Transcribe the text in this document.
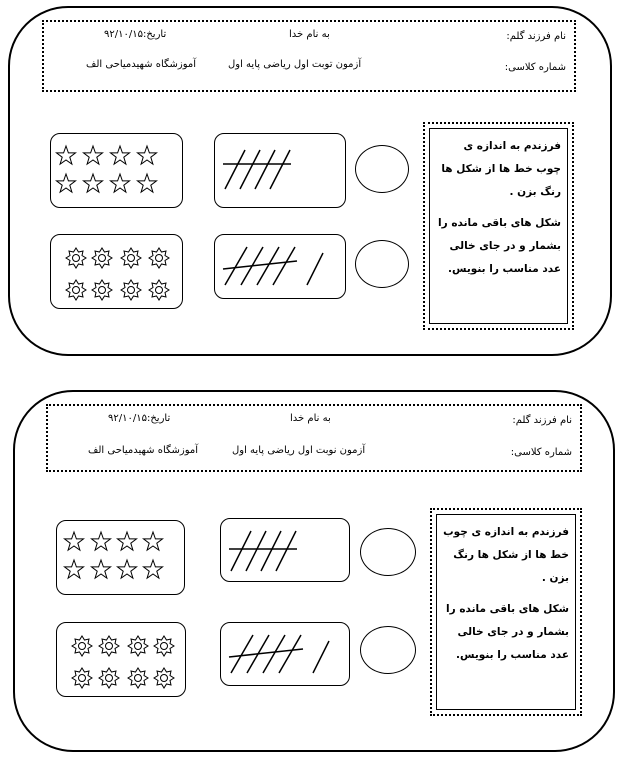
نام فرزند گلم:
به نام خدا
تاریخ:۹۲/۱۰/۱۵
شماره کلاسی:
آزمون توبت اول ریاضی پایه اول
آموزشگاه شهیدمیاحی الف

فرزندم به اندازه ی چوب خط ها از شکل ها رنگ بزن .

شکل های باقی مانده را بشمار و در جای خالی عدد مناسب را بنویس.

نام فرزند گلم:
به نام خدا
تاریخ:۹۲/۱۰/۱۵
شماره کلاسی:
آزمون نوبت اول ریاضی پایه اول
آموزشگاه شهیدمیاحی الف

فرزندم به اندازه ی چوب خط ها از شکل ها رنگ بزن .

شکل های باقی مانده را بشمار و در جای خالی عدد مناسب را بنویس.
